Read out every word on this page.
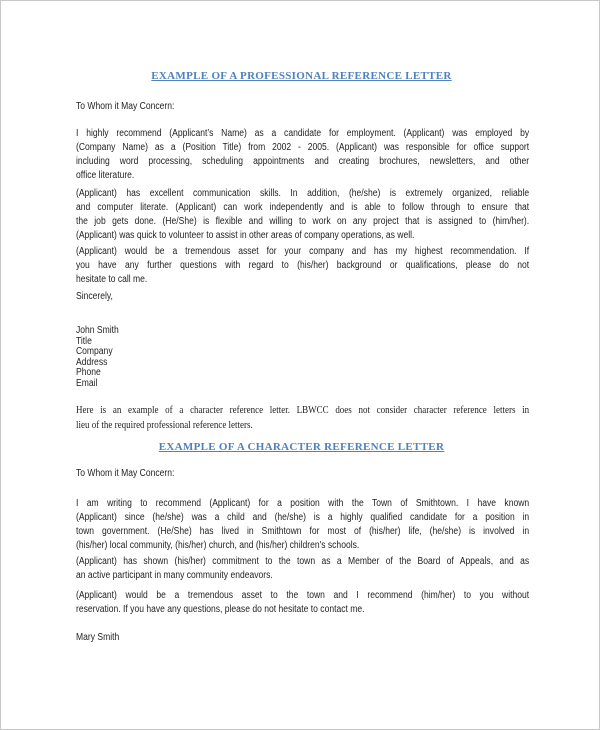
EXAMPLE OF A PROFESSIONAL REFERENCE LETTER
To Whom it May Concern:
I highly recommend (Applicant’s Name) as a candidate for employment. (Applicant) was employed by
(Company Name) as a (Position Title) from 2002 - 2005. (Applicant) was responsible for office support
including word processing, scheduling appointments and creating brochures, newsletters, and other
office literature.
(Applicant) has excellent communication skills. In addition, (he/she) is extremely organized, reliable
and computer literate. (Applicant) can work independently and is able to follow through to ensure that
the job gets done. (He/She) is flexible and willing to work on any project that is assigned to (him/her).
(Applicant) was quick to volunteer to assist in other areas of company operations, as well.
(Applicant) would be a tremendous asset for your company and has my highest recommendation. If
you have any further questions with regard to (his/her) background or qualifications, please do not
hesitate to call me.
Sincerely,
John Smith
Title
Company
Address
Phone
Email
Here is an example of a character reference letter. LBWCC does not consider character reference letters in
lieu of the required professional reference letters.
EXAMPLE OF A CHARACTER REFERENCE LETTER
To Whom it May Concern:
I am writing to recommend (Applicant) for a position with the Town of Smithtown. I have known
(Applicant) since (he/she) was a child and (he/she) is a highly qualified candidate for a position in
town government. (He/She) has lived in Smithtown for most of (his/her) life, (he/she) is involved in
(his/her) local community, (his/her) church, and (his/her) children's schools.
(Applicant) has shown (his/her) commitment to the town as a Member of the Board of Appeals, and as
an active participant in many community endeavors.
(Applicant) would be a tremendous asset to the town and I recommend (him/her) to you without
reservation. If you have any questions, please do not hesitate to contact me.
Mary Smith
